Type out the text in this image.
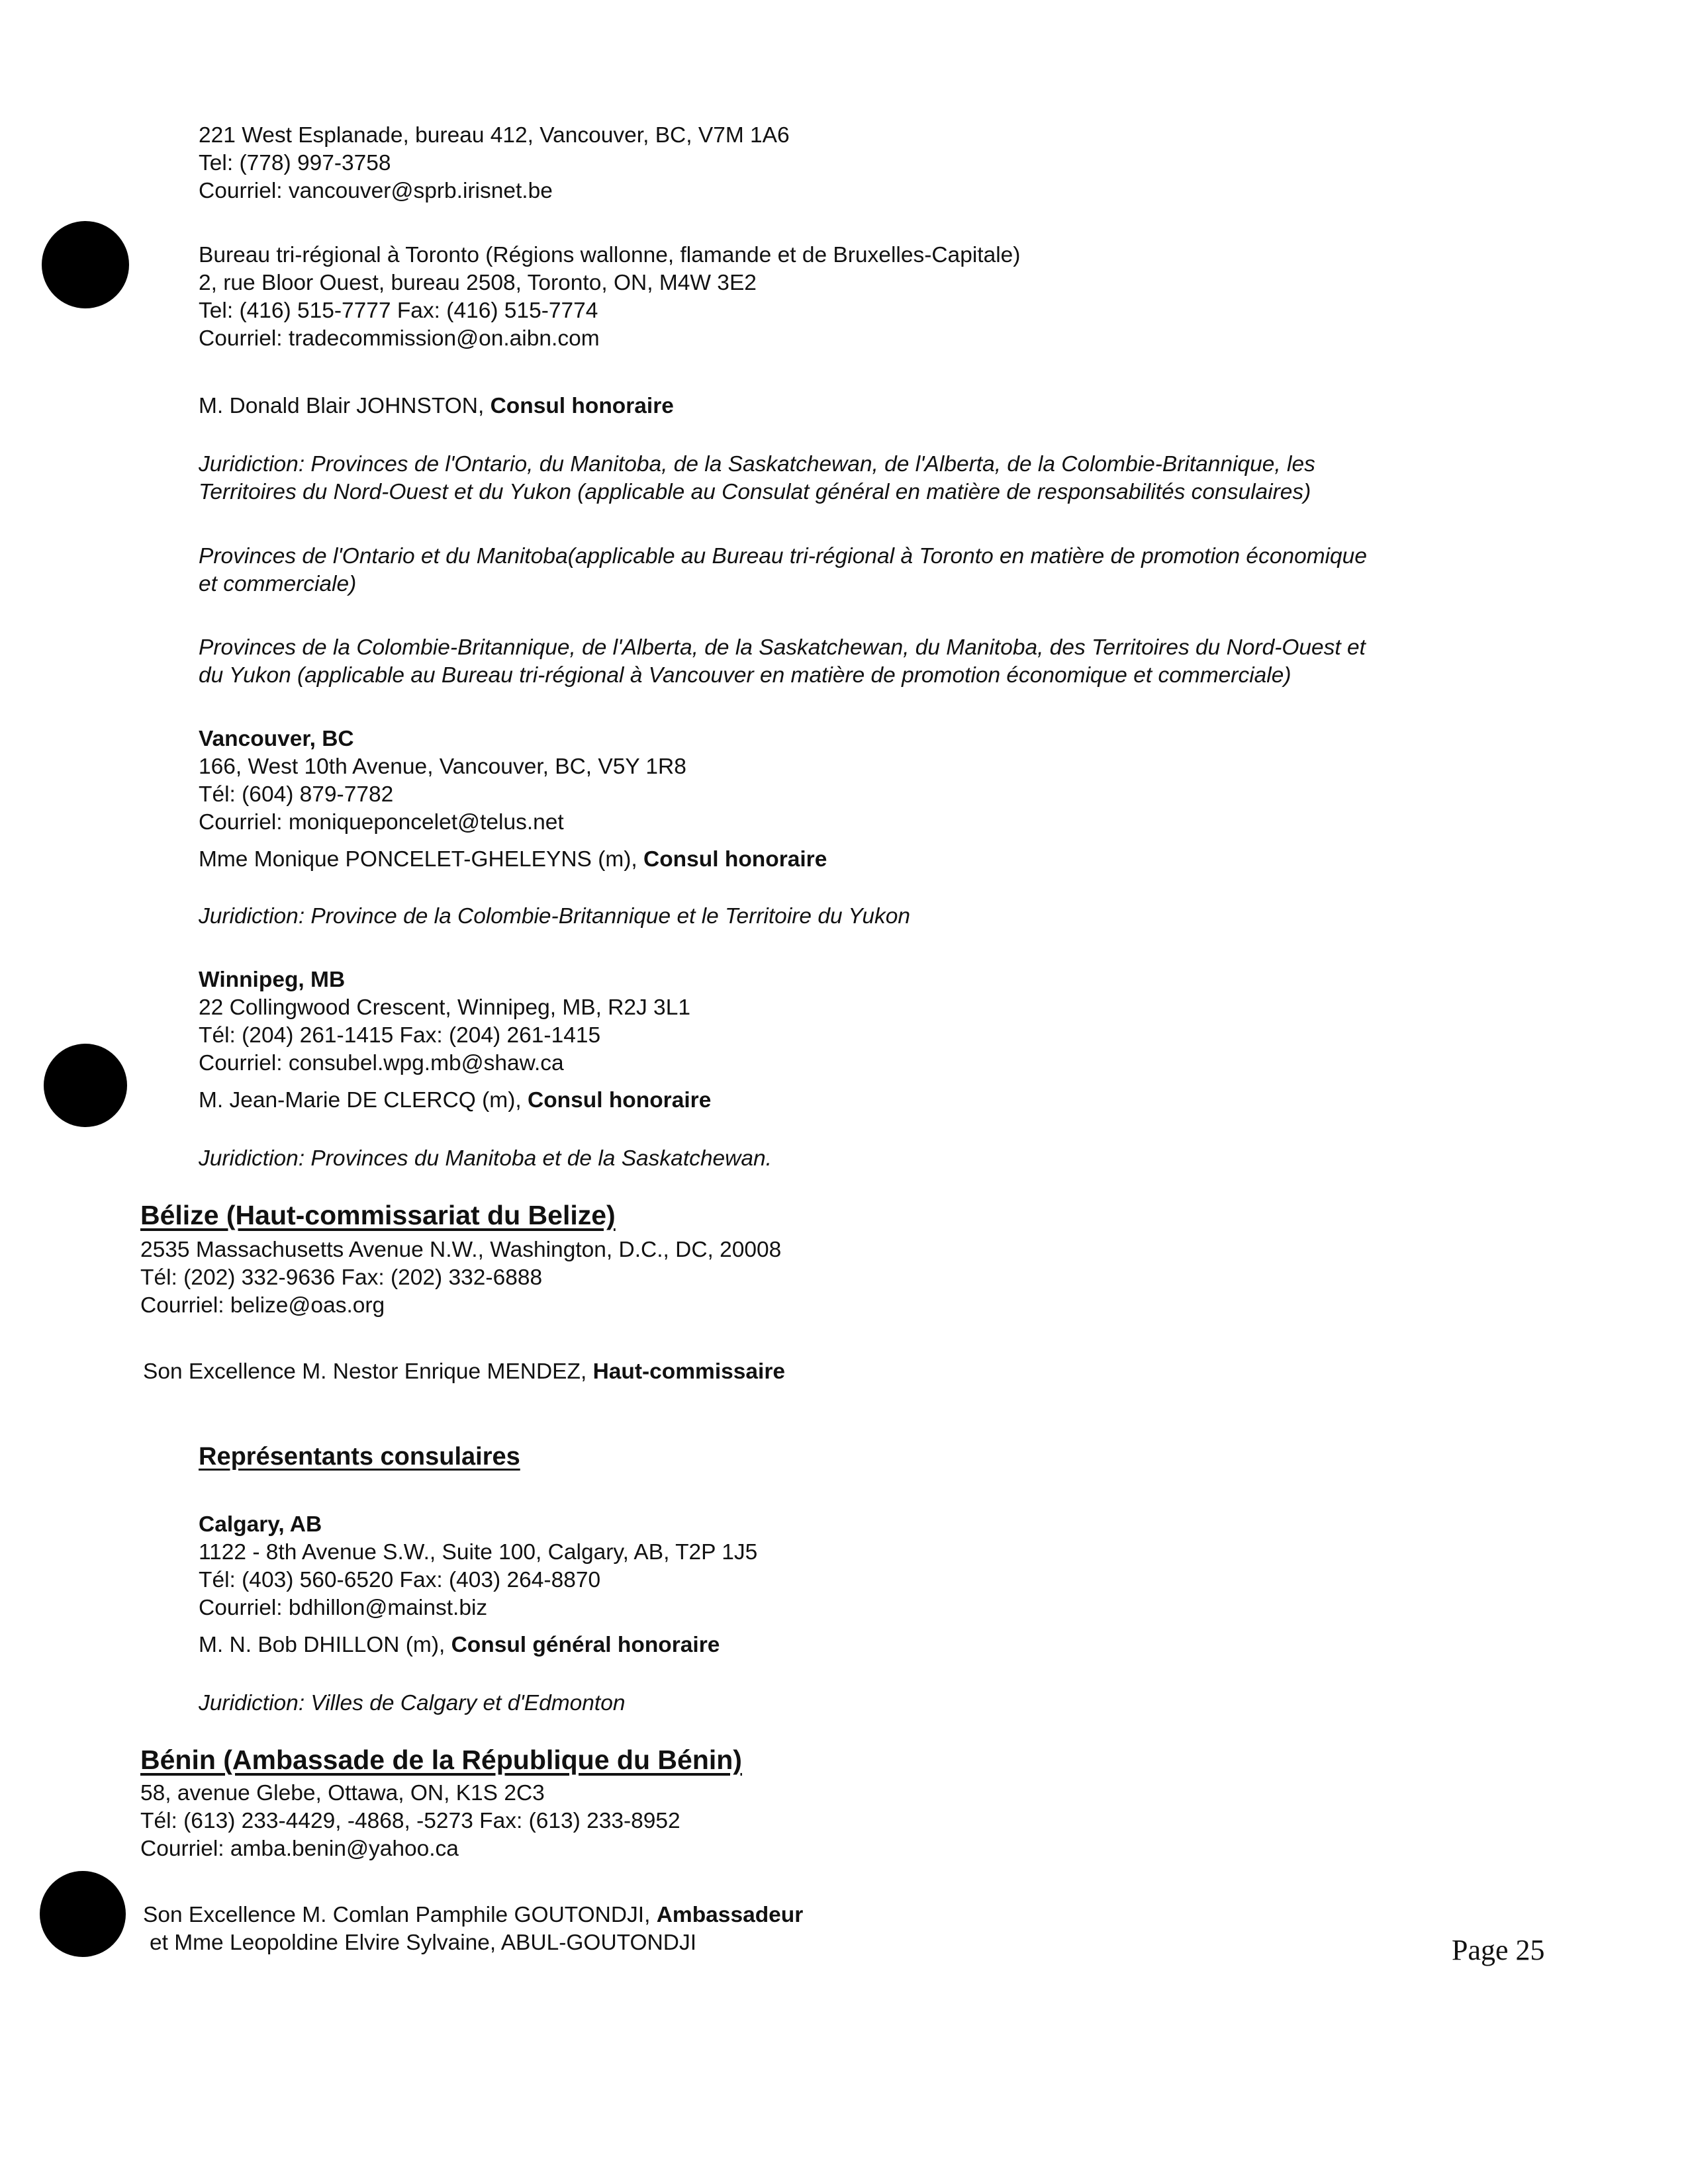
221 West Esplanade, bureau 412, Vancouver, BC, V7M 1A6
Tel: (778) 997-3758
Courriel: vancouver@sprb.irisnet.be
Bureau tri-régional à Toronto (Régions wallonne, flamande et de Bruxelles-Capitale)
2, rue Bloor Ouest, bureau 2508, Toronto, ON, M4W 3E2
Tel: (416) 515-7777 Fax: (416) 515-7774
Courriel: tradecommission@on.aibn.com
M. Donald Blair JOHNSTON, Consul honoraire
Juridiction: Provinces de l'Ontario, du Manitoba, de la Saskatchewan, de l'Alberta, de la Colombie-Britannique, les
Territoires du Nord-Ouest et du Yukon (applicable au Consulat général en matière de responsabilités consulaires)
Provinces de l'Ontario et du Manitoba(applicable au Bureau tri-régional à Toronto en matière de promotion économique
et commerciale)
Provinces de la Colombie-Britannique, de l'Alberta, de la Saskatchewan, du Manitoba, des Territoires du Nord-Ouest et
du Yukon (applicable au Bureau tri-régional à Vancouver en matière de promotion économique et commerciale)
Vancouver, BC
166, West 10th Avenue, Vancouver, BC, V5Y 1R8
Tél: (604) 879-7782
Courriel: moniqueponcelet@telus.net
Mme Monique PONCELET-GHELEYNS (m), Consul honoraire
Juridiction: Province de la Colombie-Britannique et le Territoire du Yukon
Winnipeg, MB
22 Collingwood Crescent, Winnipeg, MB, R2J 3L1
Tél: (204) 261-1415 Fax: (204) 261-1415
Courriel: consubel.wpg.mb@shaw.ca
M. Jean-Marie DE CLERCQ (m), Consul honoraire
Juridiction: Provinces du Manitoba et de la Saskatchewan.
Bélize (Haut-commissariat du Belize)
2535 Massachusetts Avenue N.W., Washington, D.C., DC, 20008
Tél: (202) 332-9636 Fax: (202) 332-6888
Courriel: belize@oas.org
Son Excellence M. Nestor Enrique MENDEZ, Haut-commissaire
Représentants consulaires
Calgary, AB
1122 - 8th Avenue S.W., Suite 100, Calgary, AB, T2P 1J5
Tél: (403) 560-6520 Fax: (403) 264-8870
Courriel: bdhillon@mainst.biz
M. N. Bob DHILLON (m), Consul général honoraire
Juridiction: Villes de Calgary et d'Edmonton
Bénin (Ambassade de la République du Bénin)
58, avenue Glebe, Ottawa, ON, K1S 2C3
Tél: (613) 233-4429, -4868, -5273 Fax: (613) 233-8952
Courriel: amba.benin@yahoo.ca
Son Excellence M. Comlan Pamphile GOUTONDJI, Ambassadeur
et Mme Leopoldine Elvire Sylvaine, ABUL-GOUTONDJI	Page 25
